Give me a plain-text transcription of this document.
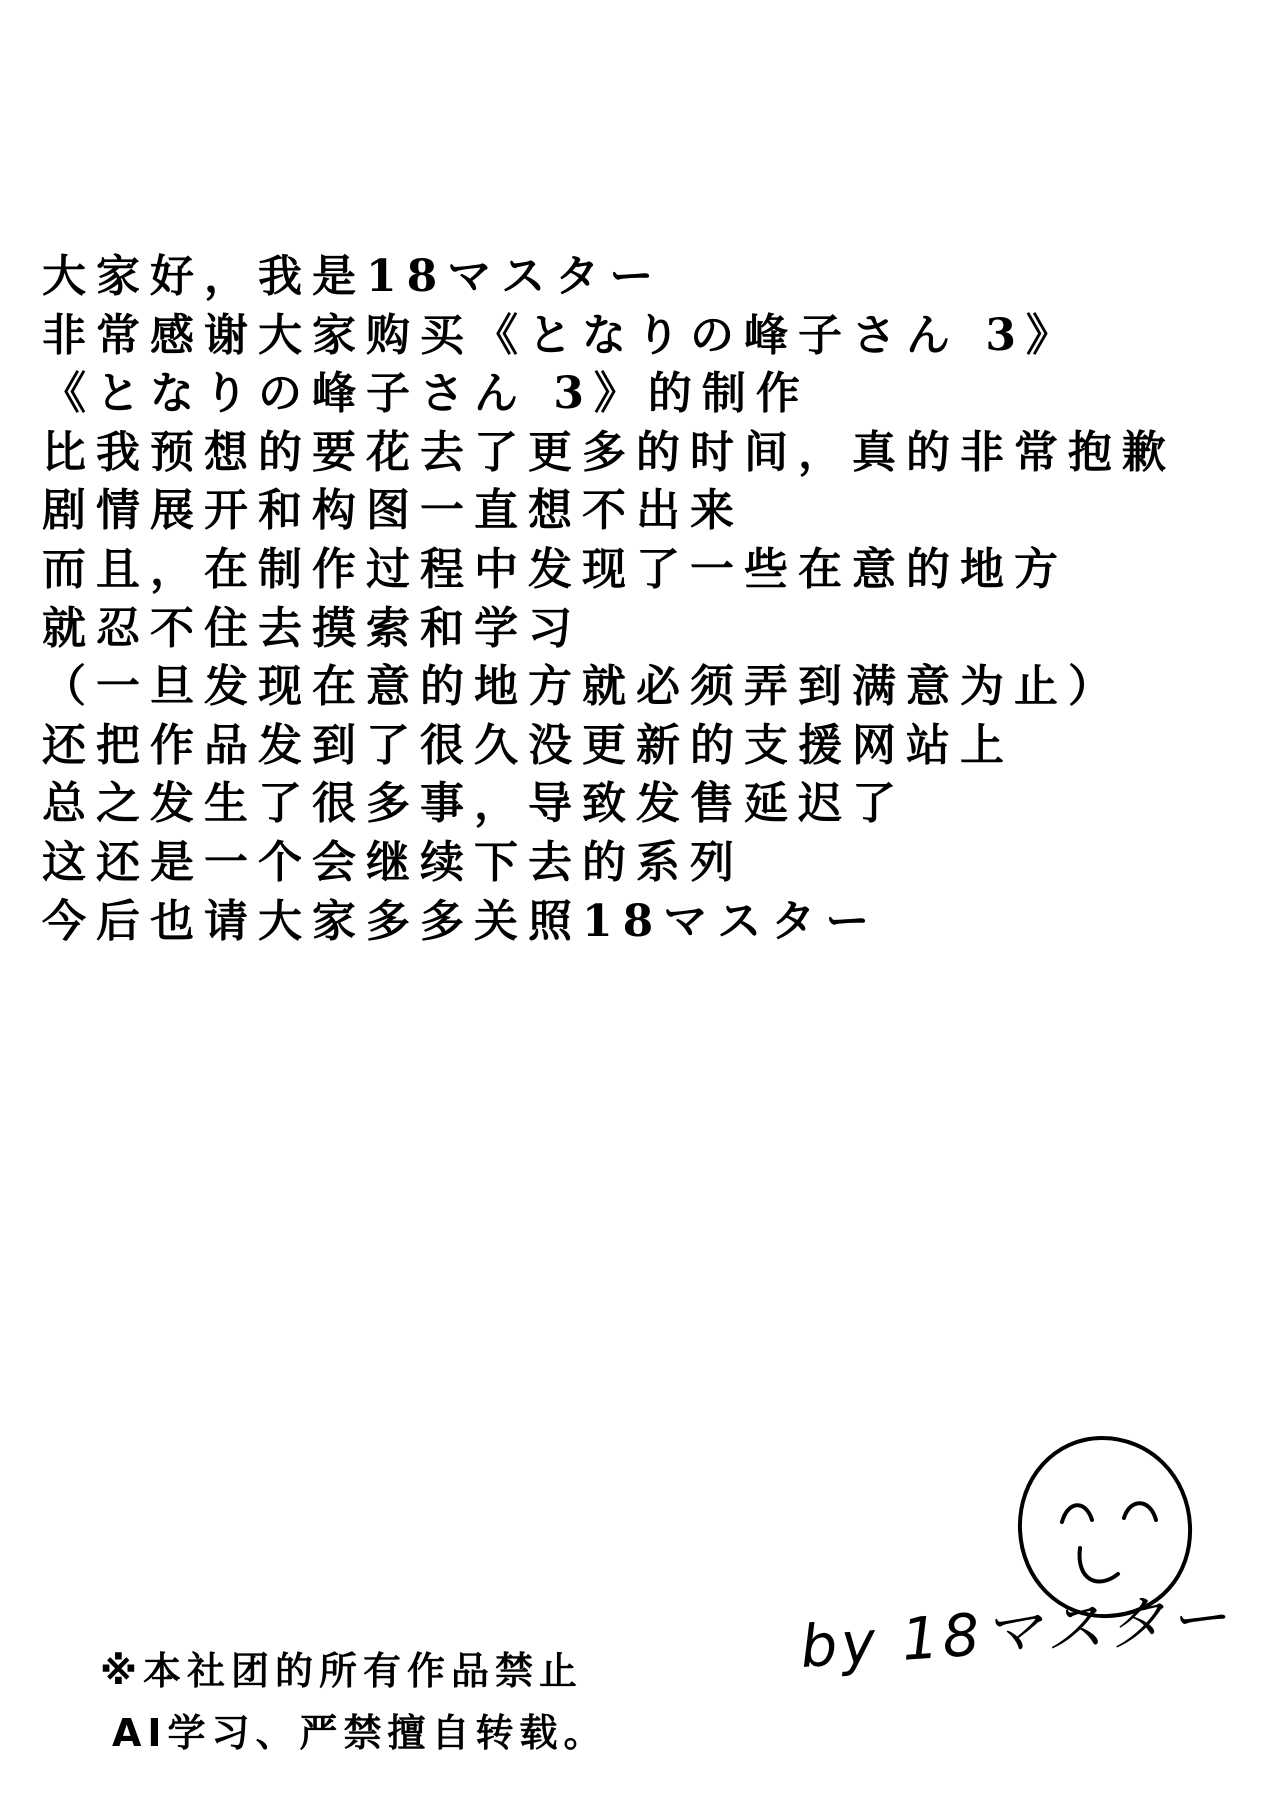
大家好，我是18マスター
非常感谢大家购买《となりの峰子さん 3》
《となりの峰子さん 3》的制作
比我预想的要花去了更多的时间，真的非常抱歉
剧情展开和构图一直想不出来
而且，在制作过程中发现了一些在意的地方
就忍不住去摸索和学习
（一旦发现在意的地方就必须弄到满意为止）
还把作品发到了很久没更新的支援网站上
总之发生了很多事，导致发售延迟了
这还是一个会继续下去的系列
今后也请大家多多关照18マスター
by 18マスター
※本社团的所有作品禁止
AI学习、严禁擅自转载。
